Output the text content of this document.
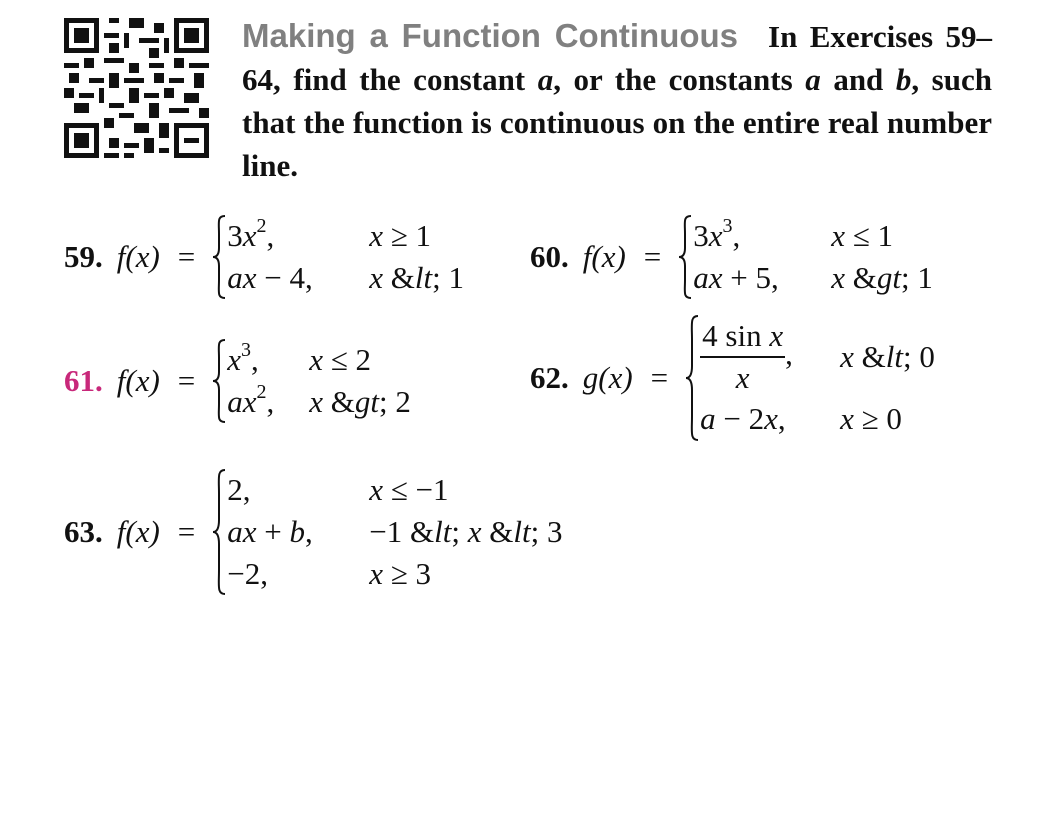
Making a Function Continuous In Exercises 59–64, find the constant a, or the constants a and b, such that the function is continuous on the entire real number line.
59. f(x) =
$3x^2$,	x ≥ 1
ax − 4,	x &lt; 1
60. f(x) =
$3x^3$,	x ≤ 1
ax + 5,	x &gt; 1
61. f(x) =
$x^3$,	x ≤ 2
$ax^2$,	x &gt; 2
62. $g(x) = \frac{\text{4 sin x}}{x}$ ,	x &lt; 0
a − 2x,	x ≥ 0
63. f(x) =
2,	x ≤ −1
ax + b,	−1 &lt; x &lt; 3
−2,	x ≥ 3
